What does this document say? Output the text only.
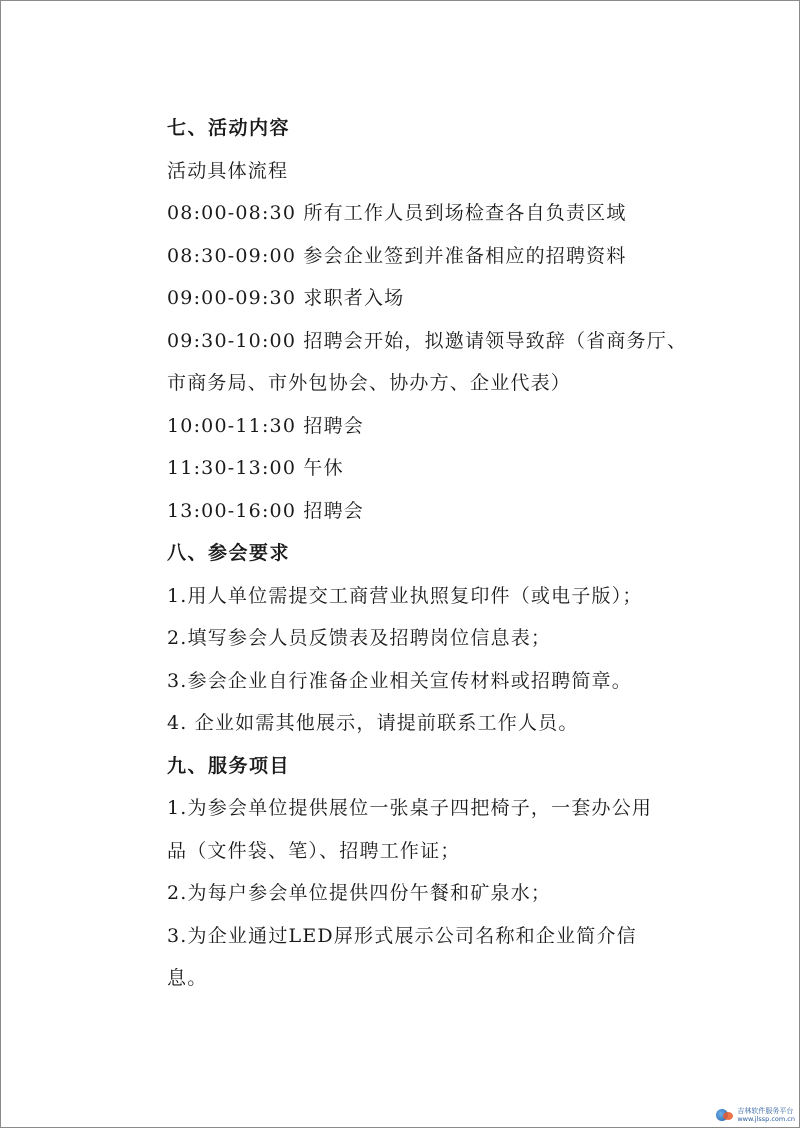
七、活动内容
活动具体流程
08:00-08:30 所有工作人员到场检查各自负责区域
08:30-09:00 参会企业签到并准备相应的招聘资料
09:00-09:30 求职者入场
09:30-10:00 招聘会开始，拟邀请领导致辞（省商务厅、
市商务局、市外包协会、协办方、企业代表）
10:00-11:30 招聘会
11:30-13:00 午休
13:00-16:00 招聘会
八、参会要求
1.用人单位需提交工商营业执照复印件（或电子版）；
2.填写参会人员反馈表及招聘岗位信息表；
3.参会企业自行准备企业相关宣传材料或招聘简章。
4. 企业如需其他展示，请提前联系工作人员。
九、服务项目
1.为参会单位提供展位一张桌子四把椅子，一套办公用
品（文件袋、笔）、招聘工作证；
2.为每户参会单位提供四份午餐和矿泉水；
3.为企业通过LED屏形式展示公司名称和企业简介信
息。
吉林软件服务平台
www.jlssp.com.cn
